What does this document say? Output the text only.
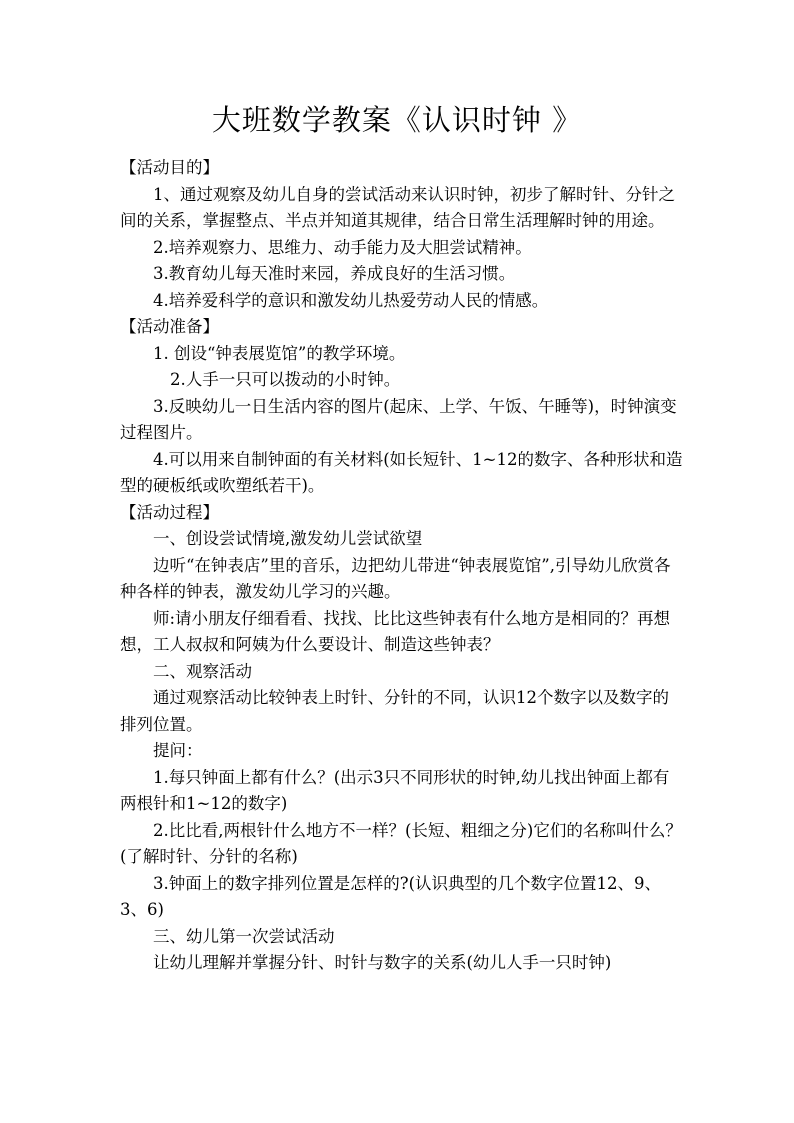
大班数学教案《认识时钟 》

【活动目的】

1、通过观察及幼儿自身的尝试活动来认识时钟，初步了解时针、分针之间的关系，掌握整点、半点并知道其规律，结合日常生活理解时钟的用途。

2.培养观察力、思维力、动手能力及大胆尝试精神。

3.教育幼儿每天准时来园，养成良好的生活习惯。

4.培养爱科学的意识和激发幼儿热爱劳动人民的情感。

【活动准备】

1. 创设“钟表展览馆”的教学环境。

2.人手一只可以拨动的小时钟。

3.反映幼儿一日生活内容的图片(起床、上学、午饭、午睡等)，时钟演变过程图片。

4.可以用来自制钟面的有关材料(如长短针、1~12的数字、各种形状和造型的硬板纸或吹塑纸若干)。

【活动过程】

一、创设尝试情境,激发幼儿尝试欲望

边听“在钟表店”里的音乐，边把幼儿带进“钟表展览馆”,引导幼儿欣赏各种各样的钟表，激发幼儿学习的兴趣。

师:请小朋友仔细看看、找找、比比这些钟表有什么地方是相同的？再想想，工人叔叔和阿姨为什么要设计、制造这些钟表？

二、观察活动

通过观察活动比较钟表上时针、分针的不同，认识12个数字以及数字的排列位置。

提问：

1.每只钟面上都有什么？(出示3只不同形状的时钟,幼儿找出钟面上都有两根针和1~12的数字)

2.比比看,两根针什么地方不一样？(长短、粗细之分)它们的名称叫什么？(了解时针、分针的名称)

3.钟面上的数字排列位置是怎样的?(认识典型的几个数字位置12、9、3、6)

三、幼儿第一次尝试活动

让幼儿理解并掌握分针、时针与数字的关系(幼儿人手一只时钟)
